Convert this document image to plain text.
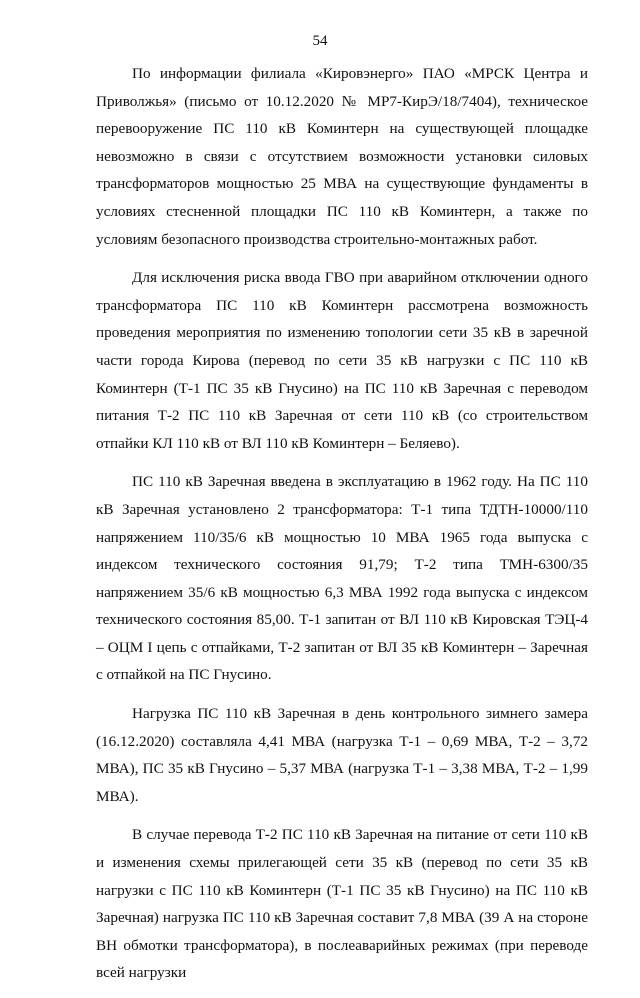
54

По информации филиала «Кировэнерго» ПАО «МРСК Центра и Приволжья» (письмо от 10.12.2020 № МР7-КирЭ/18/7404), техническое перевооружение ПС 110 кВ Коминтерн на существующей площадке невозможно в связи с отсутствием возможности установки силовых трансформаторов мощностью 25 МВА на существующие фундаменты в условиях стесненной площадки ПС 110 кВ Коминтерн, а также по условиям безопасного производства строительно-монтажных работ.

Для исключения риска ввода ГВО при аварийном отключении одного трансформатора ПС 110 кВ Коминтерн рассмотрена возможность проведения мероприятия по изменению топологии сети 35 кВ в заречной части города Кирова (перевод по сети 35 кВ нагрузки с ПС 110 кВ Коминтерн (Т-1 ПС 35 кВ Гнусино) на ПС 110 кВ Заречная с переводом питания Т-2 ПС 110 кВ Заречная от сети 110 кВ (со строительством отпайки КЛ 110 кВ от ВЛ 110 кВ Коминтерн – Беляево).

ПС 110 кВ Заречная введена в эксплуатацию в 1962 году. На ПС 110 кВ Заречная установлено 2 трансформатора: Т-1 типа ТДТН-10000/110 напряжением 110/35/6 кВ мощностью 10 МВА 1965 года выпуска с индексом технического состояния 91,79; Т-2 типа ТМН-6300/35 напряжением 35/6 кВ мощностью 6,3 МВА 1992 года выпуска с индексом технического состояния 85,00. Т-1 запитан от ВЛ 110 кВ Кировская ТЭЦ-4 – ОЦМ I цепь с отпайками, Т-2 запитан от ВЛ 35 кВ Коминтерн – Заречная с отпайкой на ПС Гнусино.

Нагрузка ПС 110 кВ Заречная в день контрольного зимнего замера (16.12.2020) составляла 4,41 МВА (нагрузка Т-1 – 0,69 МВА, Т-2 – 3,72 МВА), ПС 35 кВ Гнусино – 5,37 МВА (нагрузка Т-1 – 3,38 МВА, Т-2 – 1,99 МВА).

В случае перевода Т-2 ПС 110 кВ Заречная на питание от сети 110 кВ и изменения схемы прилегающей сети 35 кВ (перевод по сети 35 кВ нагрузки с ПС 110 кВ Коминтерн (Т-1 ПС 35 кВ Гнусино) на ПС 110 кВ Заречная) нагрузка ПС 110 кВ Заречная составит 7,8 МВА (39 А на стороне ВН обмотки трансформатора), в послеаварийных режимах (при переводе всей нагрузки
